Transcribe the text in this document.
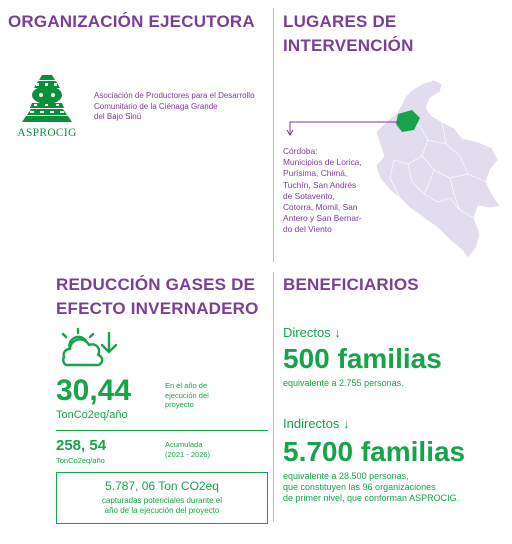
ORGANIZACIÓN EJECUTORA
ASPROCIG
Asociación de Productores para el Desarrollo
Comunitario de la Ciénaga Grande
del Bajo Sinú
LUGARES DE
INTERVENCIÓN
Córdoba:
Municipios de Lorica,
Purísima, Chimá,
Tuchín, San Andrés
de Sotavento,
Cotorra, Momil, San
Antero y San Bernar-
do del Viento
REDUCCIÓN GASES DE
EFECTO INVERNADERO
30,44
TonCo2eq/año
En el año de
ejecución del
proyecto
258, 54
TonCo2eq/año
Acumulada
(2021 - 2026)
5.787, 06 Ton CO2eq
capturadas potenciales durante el
año de la ejecución del proyecto
BENEFICIARIOS
Directos ↓
500 familias
equivalente a 2.755 personas.
Indirectos ↓
5.700 familias
equivalente a 28.500 personas,
que constituyen las 96 organizaciones
de primer nivel, que conforman ASPROCIG.
